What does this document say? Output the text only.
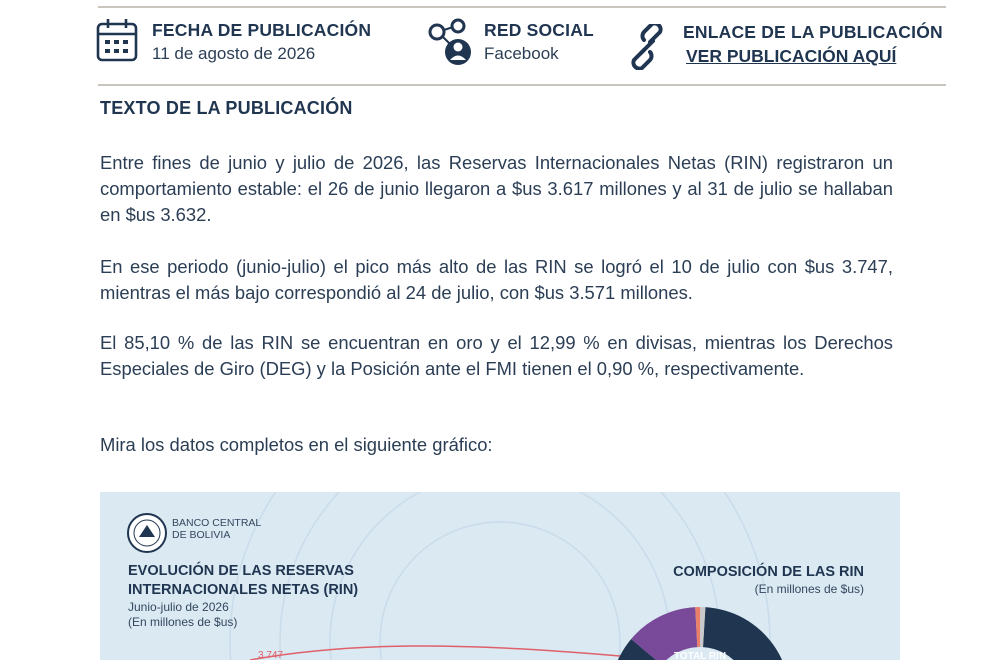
FECHA DE PUBLICACIÓN
11 de agosto de 2026
RED SOCIAL
Facebook
ENLACE DE LA PUBLICACIÓN
VER PUBLICACIÓN AQUÍ
TEXTO DE LA PUBLICACIÓN
Entre fines de junio y julio de 2026, las Reservas Internacionales Netas (RIN) registraron un comportamiento estable: el 26 de junio llegaron a $us 3.617 millones y al 31 de julio se hallaban en $us 3.632.
En ese periodo (junio-julio) el pico más alto de las RIN se logró el 10 de julio con $us 3.747, mientras el más bajo correspondió al 24 de julio, con $us 3.571 millones.
El 85,10 % de las RIN se encuentran en oro y el 12,99 % en divisas, mientras los Derechos Especiales de Giro (DEG) y la Posición ante el FMI tienen el 0,90 %, respectivamente.
Mira los datos completos en el siguiente gráfico:
BANCO CENTRAL DE BOLIVIA
EVOLUCIÓN DE LAS RESERVAS INTERNACIONALES NETAS (RIN)
Junio-julio de 2026
(En millones de $us)
3.747
COMPOSICIÓN DE LAS RIN
(En millones de $us)
TOTAL RIN
